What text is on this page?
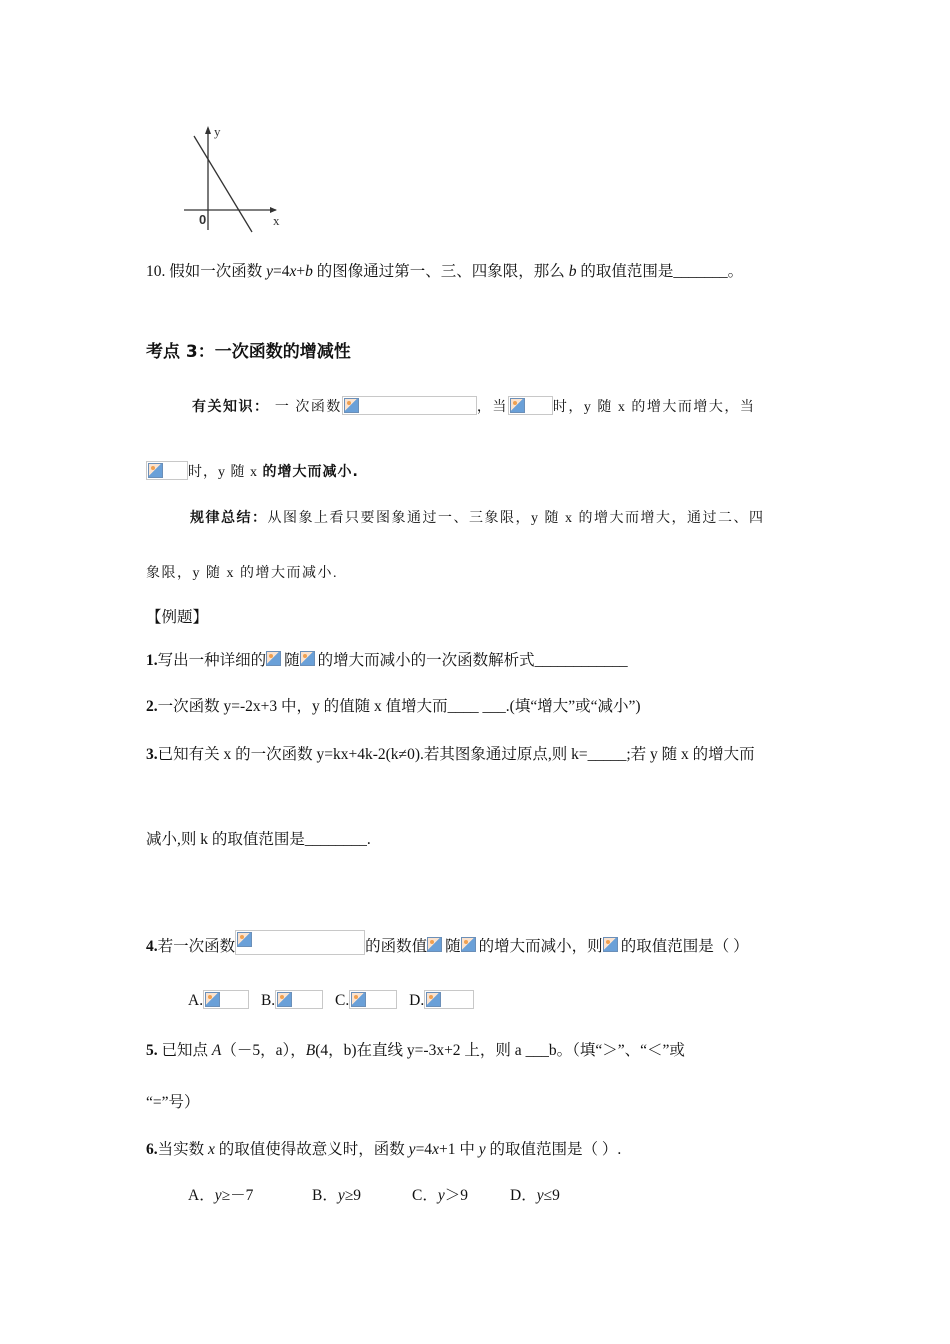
y
x
0
10. 假如一次函数 y=4x+b 的图像通过第一、三、四象限，那么 b 的取值范围是_______。
考点 3：一次函数的增减性
有关知识： 一 次函数	，当	时，y 随 x 的增大而增大，当
时，y 随 x 的增大而减小.
规律总结：从图象上看只要图象通过一、三象限，y 随 x 的增大而增大，通过二、四
象限，y 随 x 的增大而减小.
【例题】
1.写出一种详细的 随 的增大而减小的一次函数解析式____________
2.一次函数 y=-2x+3 中，y 的值随 x 值增大而____ ___.(填“增大”或“减小”)
3.已知有关 x 的一次函数 y=kx+4k-2(k≠0).若其图象通过原点,则 k=_____;若 y 随 x 的增大而
减小,则 k 的取值范围是________.
4.若一次函数	的函数值 随 的增大而减小，则 的取值范围是（ ）
A.	B.	C.	D.
5. 已知点 A（－5，a），B(4，b)在直线 y=-3x+2 上，则 a ___b。（填“＞”、“＜”或
“=”号）
6.当实数 x 的取值使得故意义时，函数 y=4x+1 中 y 的取值范围是（ ）.
A．y≥－7	B．y≥9	C．y＞9	D．y≤9
